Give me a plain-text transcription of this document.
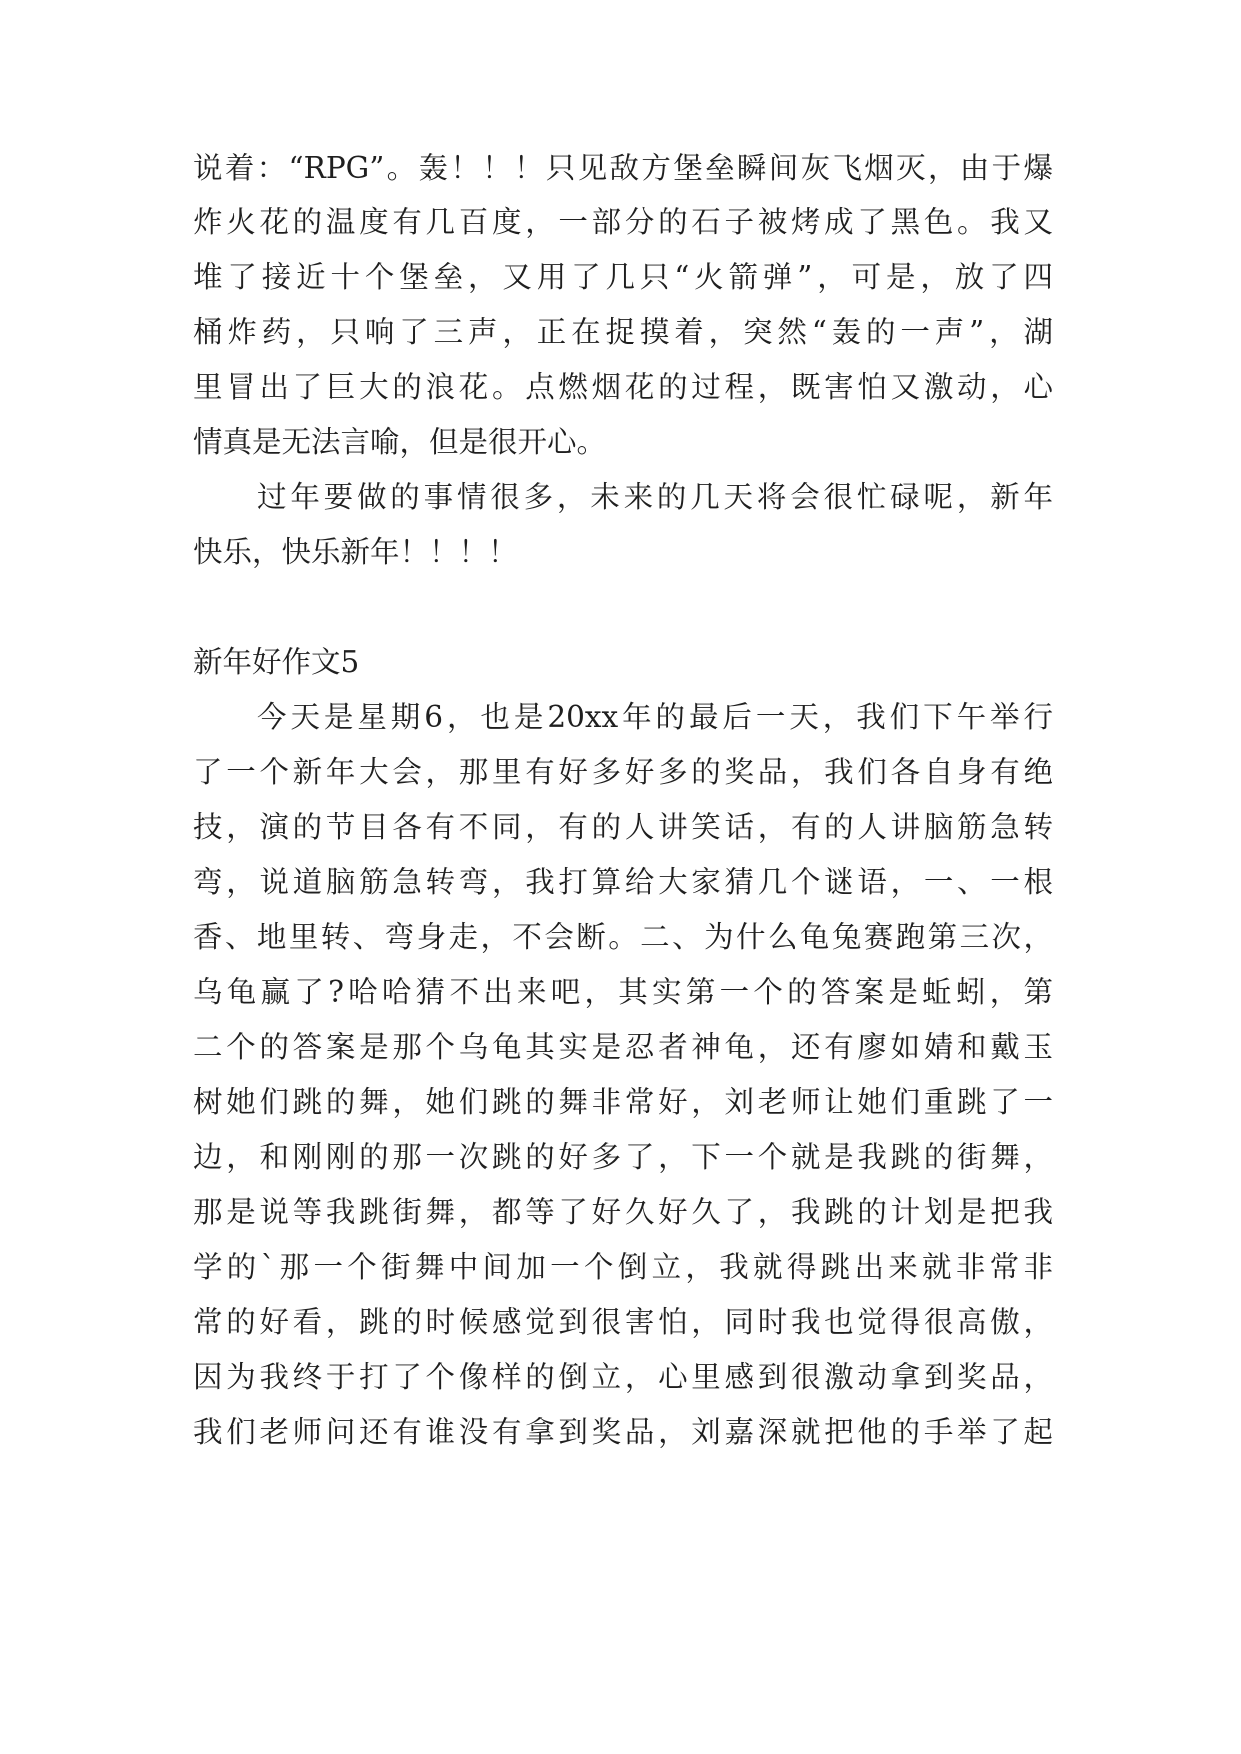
说着：“RPG”。轰！！！只见敌方堡垒瞬间灰飞烟灭，由于爆
炸火花的温度有几百度，一部分的石子被烤成了黑色。我又
堆了接近十个堡垒，又用了几只“火箭弹”，可是，放了四
桶炸药，只响了三声，正在捉摸着，突然“轰的一声”，湖
里冒出了巨大的浪花。点燃烟花的过程，既害怕又激动，心
情真是无法言喻，但是很开心。
过年要做的事情很多，未来的几天将会很忙碌呢，新年
快乐，快乐新年！！！！
新年好作文5
今天是星期6，也是20xx年的最后一天，我们下午举行
了一个新年大会，那里有好多好多的奖品，我们各自身有绝
技，演的节目各有不同，有的人讲笑话，有的人讲脑筋急转
弯，说道脑筋急转弯，我打算给大家猜几个谜语，一、一根
香、地里转、弯身走，不会断。二、为什么龟兔赛跑第三次，
乌龟赢了?哈哈猜不出来吧，其实第一个的答案是蚯蚓，第
二个的答案是那个乌龟其实是忍者神龟，还有廖如婧和戴玉
树她们跳的舞，她们跳的舞非常好，刘老师让她们重跳了一
边，和刚刚的那一次跳的好多了，下一个就是我跳的街舞，
那是说等我跳街舞，都等了好久好久了，我跳的计划是把我
学的`那一个街舞中间加一个倒立，我就得跳出来就非常非
常的好看，跳的时候感觉到很害怕，同时我也觉得很高傲，
因为我终于打了个像样的倒立，心里感到很激动拿到奖品，
我们老师问还有谁没有拿到奖品，刘嘉深就把他的手举了起
